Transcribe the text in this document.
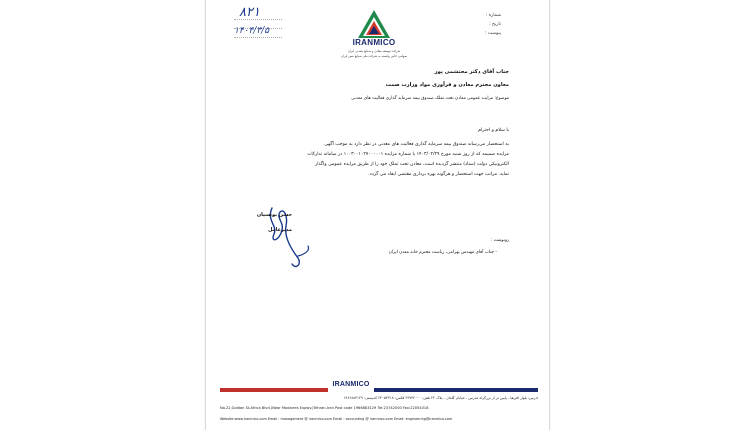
شماره :
۸۲۱
تاریخ :
پیوست :
۱۴۰۴/۳/۵
IRANMICO
شرکت توسعه معادن و صنایع معدنی ایران
سهامی خاص وابسته به شرکت ملی صنایع مس ایران
جناب آقای دکتر محتشمی پور
معاون محترم معادن و فرآوری مواد وزارت صمت
موضوع: مزایده عمومی معادن تحت تملک صندوق بیمه سرمایه گذاری فعالیت های معدنی
با سلام و احترام
به استحضار می‌رساند صندوق بیمه سرمایه گذاری فعالیت های معدنی در نظر دارد به موجب آگهی
مزایده ضمیمه که از روز شنبه مورخ ۱۴۰۳/۰۲/۲۹ با شماره مزایده ۱۰۰۳۰۰۱۰۲۷۰۰۰۰۰۱ در سامانه تدارکات
الکترونیکی دولت (ستاد) منتشر گردیده است، معادن تحت تملک خود را از طریق مزایده عمومی واگذار
نماید. مراتب جهت استحضار و هرگونه بهره برداری مقتضی ایفاد می گردد.
حسن یونسیان
مدیرعامل
رونوشت :
- جناب آقای مهندس بهرامی، ریاست محترم خانه معدن ایران
IRANMICO
آدرس: بلوار آفریقا - پایین تر از بزرگراه مدرس - خیابان گلدان - پلاک ۲۲ تلفن: ۲۳۷۴۲۰۰۰ فکس: ۲۲۰۵۴۳۱۸ کدپستی: ۱۹۶۶۸۸۳۱۲۹
No.22,Goldan St.Africa Blvd.(Near Modarres Expwy.)Tehran-Iran Post code 1966883129 Tel:23742000 Fax:22054318
Website:www.iranmico.com Email : management @ iranmico.com Email : accounting @ iranmico.com Email: engineering@iranmico.com
